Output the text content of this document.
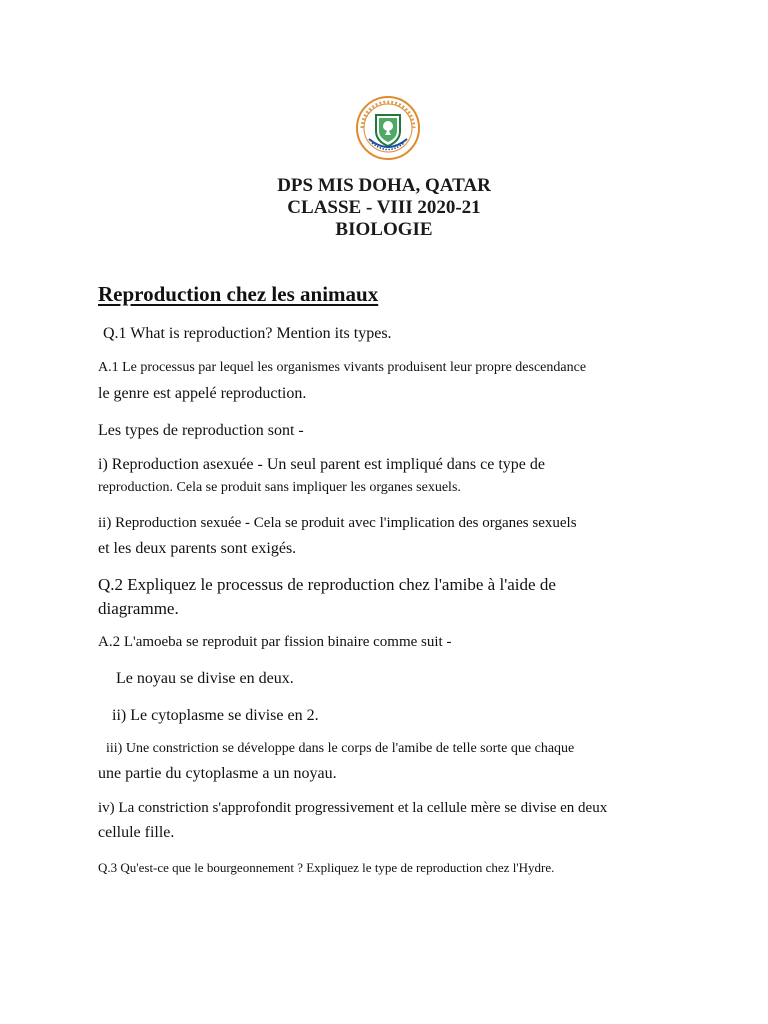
DPS MIS DOHA, QATAR
CLASSE - VIII 2020-21
BIOLOGIE
Reproduction chez les animaux
Q.1 What is reproduction? Mention its types.
A.1 Le processus par lequel les organismes vivants produisent leur propre descendance
le genre est appelé reproduction.
Les types de reproduction sont -
i) Reproduction asexuée - Un seul parent est impliqué dans ce type de
reproduction. Cela se produit sans impliquer les organes sexuels.
ii) Reproduction sexuée - Cela se produit avec l'implication des organes sexuels
et les deux parents sont exigés.
Q.2 Expliquez le processus de reproduction chez l'amibe à l'aide de
diagramme.
A.2 L'amoeba se reproduit par fission binaire comme suit -
Le noyau se divise en deux.
ii) Le cytoplasme se divise en 2.
iii) Une constriction se développe dans le corps de l'amibe de telle sorte que chaque
une partie du cytoplasme a un noyau.
iv) La constriction s'approfondit progressivement et la cellule mère se divise en deux
cellule fille.
Q.3 Qu'est-ce que le bourgeonnement ? Expliquez le type de reproduction chez l'Hydre.
